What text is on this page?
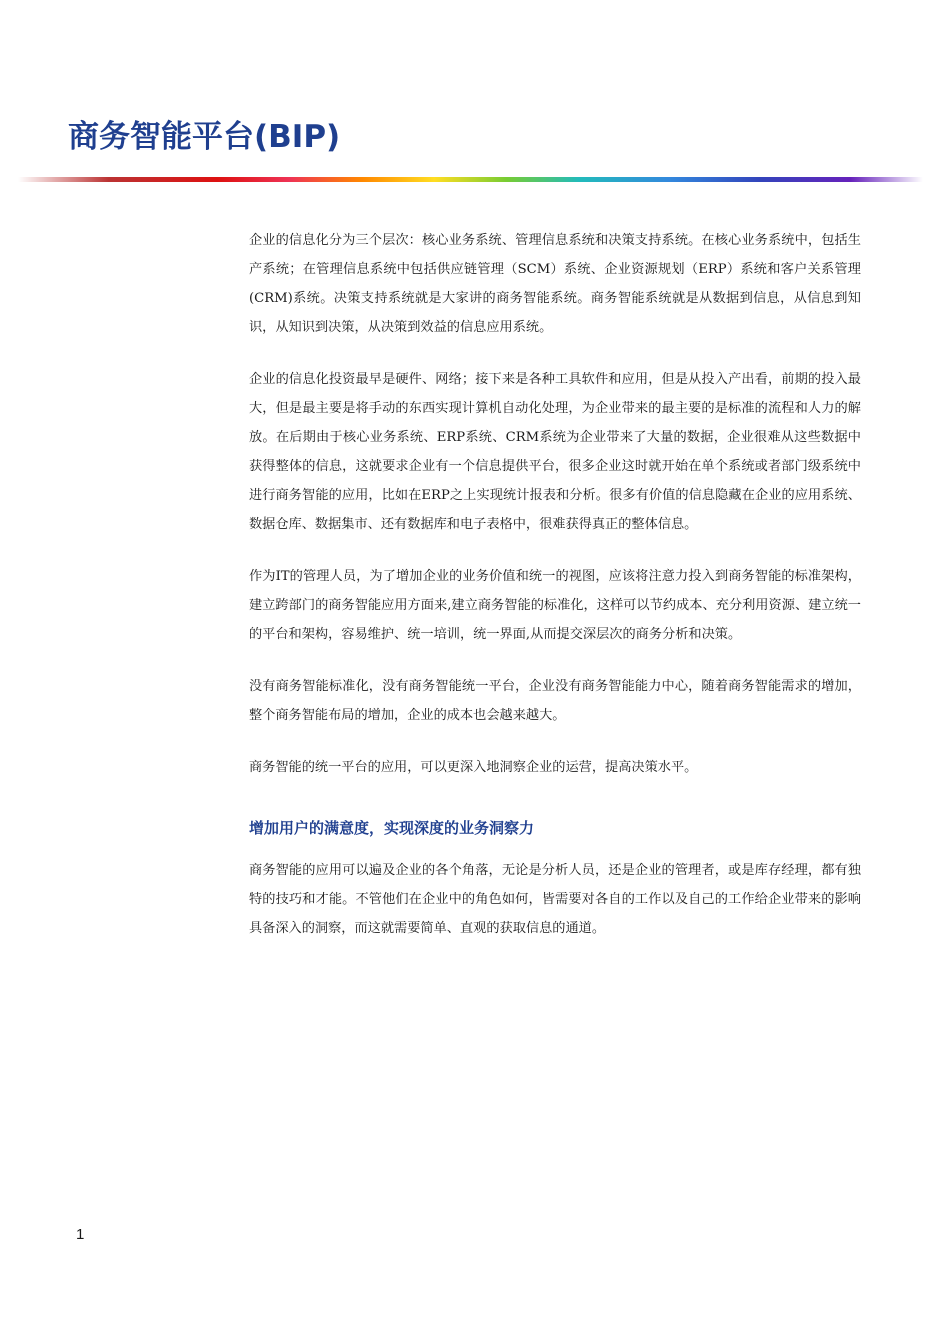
商务智能平台(BIP)

企业的信息化分为三个层次：核心业务系统、管理信息系统和决策支持系统。在核心业务系统中，包括生产系统；在管理信息系统中包括供应链管理（SCM）系统、企业资源规划（ERP）系统和客户关系管理(CRM)系统。决策支持系统就是大家讲的商务智能系统。商务智能系统就是从数据到信息，从信息到知识，从知识到决策，从决策到效益的信息应用系统。

企业的信息化投资最早是硬件、网络；接下来是各种工具软件和应用，但是从投入产出看，前期的投入最大，但是最主要是将手动的东西实现计算机自动化处理，为企业带来的最主要的是标准的流程和人力的解放。在后期由于核心业务系统、ERP系统、CRM系统为企业带来了大量的数据，企业很难从这些数据中获得整体的信息，这就要求企业有一个信息提供平台，很多企业这时就开始在单个系统或者部门级系统中进行商务智能的应用，比如在ERP之上实现统计报表和分析。很多有价值的信息隐藏在企业的应用系统、数据仓库、数据集市、还有数据库和电子表格中，很难获得真正的整体信息。

作为IT的管理人员，为了增加企业的业务价值和统一的视图，应该将注意力投入到商务智能的标准架构，建立跨部门的商务智能应用方面来,建立商务智能的标准化，这样可以节约成本、充分利用资源、建立统一的平台和架构，容易维护、统一培训，统一界面,从而提交深层次的商务分析和决策。

没有商务智能标准化，没有商务智能统一平台，企业没有商务智能能力中心，随着商务智能需求的增加，整个商务智能布局的增加，企业的成本也会越来越大。

商务智能的统一平台的应用，可以更深入地洞察企业的运营，提高决策水平。

增加用户的满意度，实现深度的业务洞察力

商务智能的应用可以遍及企业的各个角落，无论是分析人员，还是企业的管理者，或是库存经理，都有独特的技巧和才能。不管他们在企业中的角色如何，皆需要对各自的工作以及自己的工作给企业带来的影响具备深入的洞察，而这就需要简单、直观的获取信息的通道。

1
